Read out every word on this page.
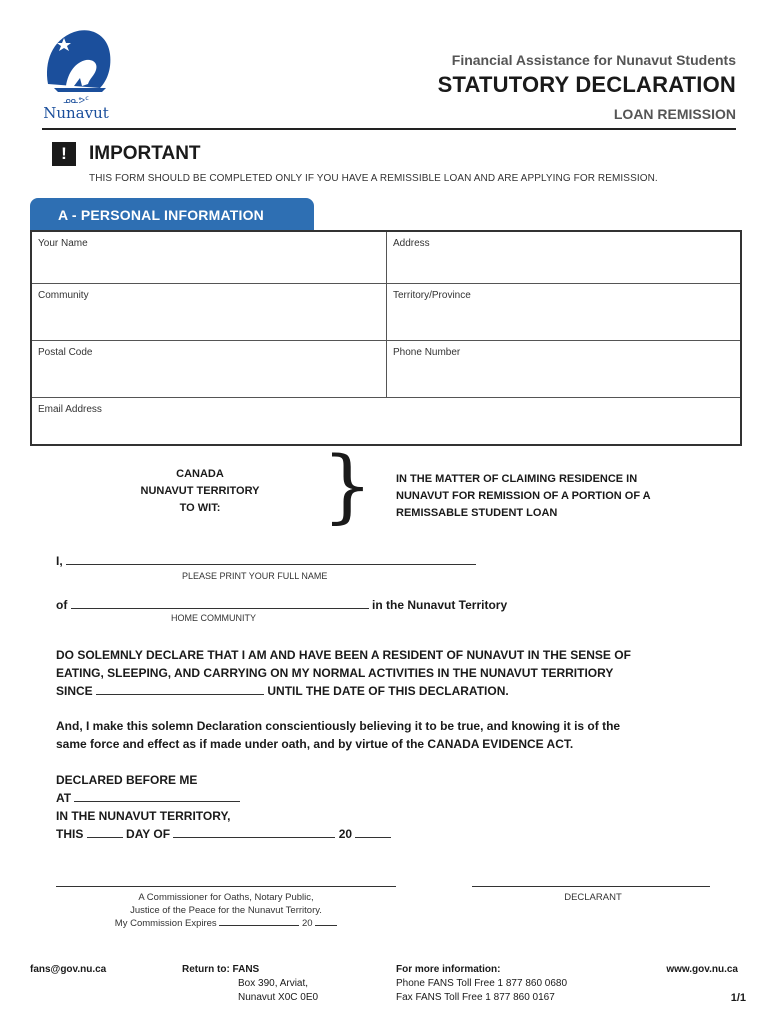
ᓄᓇᕗᑦ
Nunavut
Financial Assistance for Nunavut Students
STATUTORY DECLARATION
LOAN REMISSION
!	IMPORTANT
THIS FORM SHOULD BE COMPLETED ONLY IF YOU HAVE A REMISSIBLE LOAN AND ARE APPLYING FOR REMISSION.
A - PERSONAL INFORMATION
Your Name	Address
Community	Territory/Province
Postal Code	Phone Number
Email Address
CANADA
NUNAVUT TERRITORY
TO WIT:	} IN THE MATTER OF CLAIMING RESIDENCE IN
NUNAVUT FOR REMISSION OF A PORTION OF A
REMISSABLE STUDENT LOAN
I,
PLEASE PRINT YOUR FULL NAME
of	in the Nunavut Territory
HOME COMMUNITY
DO SOLEMNLY DECLARE THAT I AM AND HAVE BEEN A RESIDENT OF NUNAVUT IN THE SENSE OF
EATING, SLEEPING, AND CARRYING ON MY NORMAL ACTIVITIES IN THE NUNAVUT TERRITIORY
SINCE	UNTIL THE DATE OF THIS DECLARATION.
And, I make this solemn Declaration conscientiously believing it to be true, and knowing it is of the
same force and effect as if made under oath, and by virtue of the CANADA EVIDENCE ACT.
DECLARED BEFORE ME
AT
IN THE NUNAVUT TERRITORY,
THIS	DAY OF	20
A Commissioner for Oaths, Notary Public,
Justice of the Peace for the Nunavut Territory.
My Commission Expires	20
DECLARANT
fans@gov.nu.ca	Return to: FANS
Box 390, Arviat,
Nunavut X0C 0E0
For more information:
Phone FANS Toll Free 1 877 860 0680
Fax FANS Toll Free 1 877 860 0167
www.gov.nu.ca
1/1
